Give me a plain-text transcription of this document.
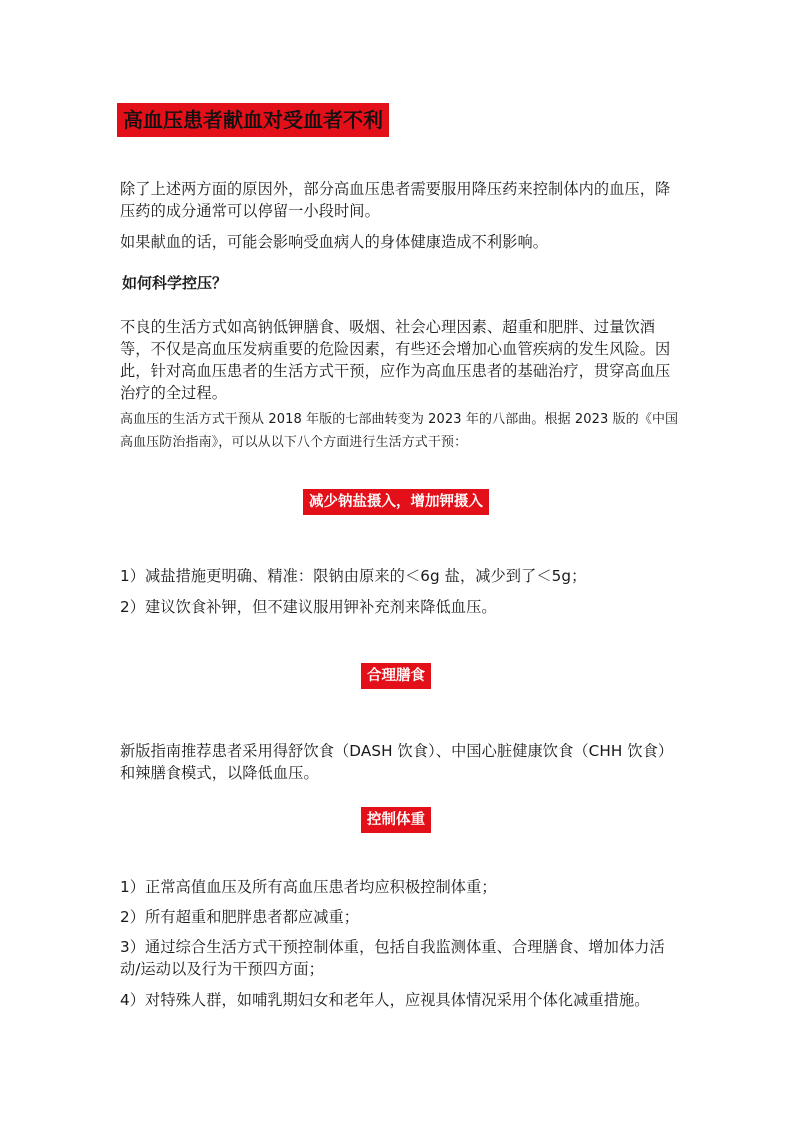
高血压患者献血对受血者不利

除了上述两方面的原因外，部分高血压患者需要服用降压药来控制体内的血压，降压药的成分通常可以停留一小段时间。

如果献血的话，可能会影响受血病人的身体健康造成不利影响。

如何科学控压？

不良的生活方式如高钠低钾膳食、吸烟、社会心理因素、超重和肥胖、过量饮酒等，不仅是高血压发病重要的危险因素，有些还会增加心血管疾病的发生风险。因此，针对高血压患者的生活方式干预，应作为高血压患者的基础治疗，贯穿高血压治疗的全过程。

高血压的生活方式干预从 2018 年版的七部曲转变为 2023 年的八部曲。根据 2023 版的《中国高血压防治指南》，可以从以下八个方面进行生活方式干预：

减少钠盐摄入，增加钾摄入

1）减盐措施更明确、精准：限钠由原来的＜6g 盐，减少到了＜5g；

2）建议饮食补钾，但不建议服用钾补充剂来降低血压。

合理膳食

新版指南推荐患者采用得舒饮食（DASH 饮食）、中国心脏健康饮食（CHH 饮食）和辣膳食模式，以降低血压。

控制体重

1）正常高值血压及所有高血压患者均应积极控制体重；

2）所有超重和肥胖患者都应减重；

3）通过综合生活方式干预控制体重，包括自我监测体重、合理膳食、增加体力活动/运动以及行为干预四方面；

4）对特殊人群，如哺乳期妇女和老年人，应视具体情况采用个体化减重措施。
